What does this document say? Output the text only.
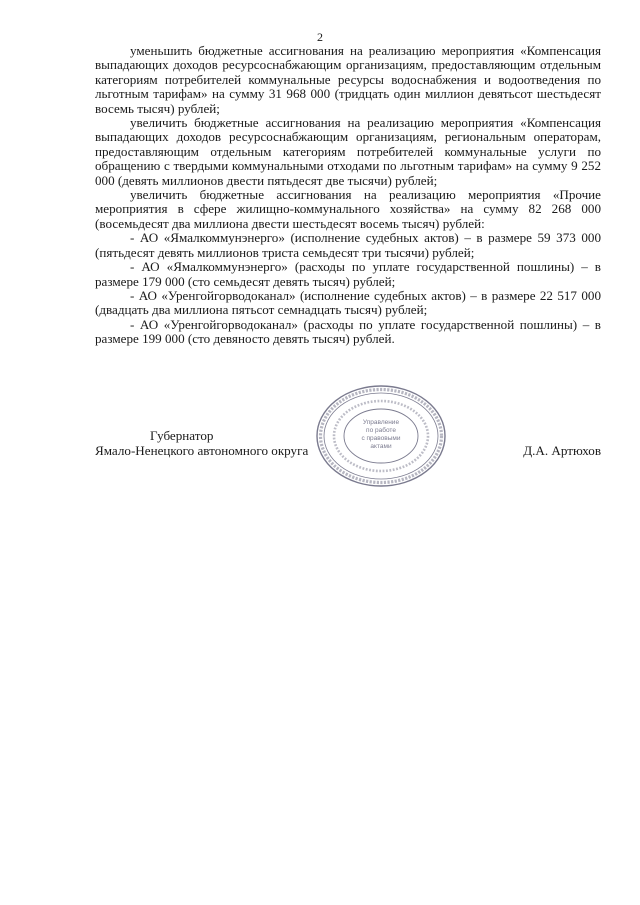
2

уменьшить бюджетные ассигнования на реализацию мероприятия «Компенсация выпадающих доходов ресурсоснабжающим организациям, предоставляющим отдельным категориям потребителей коммунальные ресурсы водоснабжения и водоотведения по льготным тарифам» на сумму 31 968 000 (тридцать один миллион девятьсот шестьдесят восемь тысяч) рублей;

увеличить бюджетные ассигнования на реализацию мероприятия «Компенсация выпадающих доходов ресурсоснабжающим организациям, региональным операторам, предоставляющим отдельным категориям потребителей коммунальные услуги по обращению с твердыми коммунальными отходами по льготным тарифам» на сумму 9 252 000 (девять миллионов двести пятьдесят две тысячи) рублей;

увеличить бюджетные ассигнования на реализацию мероприятия «Прочие мероприятия в сфере жилищно-коммунального хозяйства» на сумму 82 268 000 (восемьдесят два миллиона двести шестьдесят восемь тысяч) рублей:

- АО «Ямалкоммунэнерго» (исполнение судебных актов) – в размере 59 373 000 (пятьдесят девять миллионов триста семьдесят три тысячи) рублей;

- АО «Ямалкоммунэнерго» (расходы по уплате государственной пошлины) – в размере 179 000 (сто семьдесят девять тысяч) рублей;

- АО «Уренгойгорводоканал» (исполнение судебных актов) – в размере 22 517 000 (двадцать два миллиона пятьсот семнадцать тысяч) рублей;

- АО «Уренгойгорводоканал» (расходы по уплате государственной пошлины) – в размере 199 000 (сто девяносто девять тысяч) рублей.

Управление
по работе
с правовыми
актами
Губернатор
Ямало-Ненецкого автономного округа	Д.А. Артюхов
